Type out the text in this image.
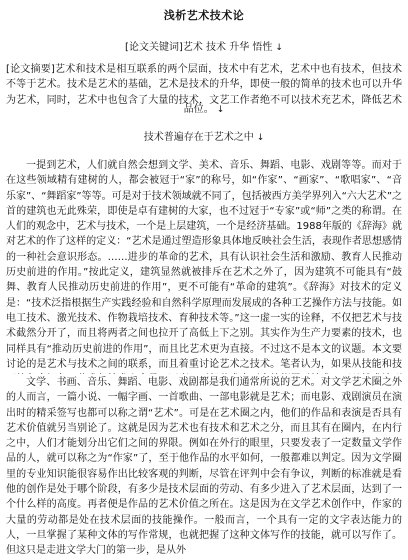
浅析艺术技术论
[论文关键词]艺术 技术 升华 悟性 ↓
[论文摘要]艺术和技术是相互联系的两个层面，技术中有艺术，艺术中也有技术，但技术不等于艺术。技术是艺术的基础，艺术是技术的升华，即使一般的简单的技术也可以升华为艺术，同时，艺术中也包含了大量的技术，文艺工作者绝不可以技术充艺术，降低艺术
品位。 ↓
技术普遍存在于艺术之中 ↓
一提到艺术，人们就自然会想到文学、美术、音乐、舞蹈、电影、戏剧等等。而对于在这些领域精有建树的人，都会被冠于“家”的称号，如“作家”、“画家”、“歌唱家”、“音乐家”、“舞蹈家”等等。可是对于技术领域就不同了，包括被西方美学界列入“六大艺术”之首的建筑也无此殊荣，即使是卓有建树的大家，也不过冠于“专家”或“师”之类的称谓。在人们的观念中，艺术与技术，一个是上层建筑，一个是经济基础。1988年版的《辞海》就对艺术的作了这样的定义：“艺术是通过塑造形象具体地反映社会生活，表现作者思想感情的一种社会意识形态。……进步的革命的艺术，具有认识社会生活和激励、教育人民推动历史前进的作用。”按此定义，建筑显然就被排斥在艺术之外了，因为建筑不可能具有“鼓舞、教育人民推动历史前进的作用”，更不可能有“革命的建筑”。《辞海》对技术的定义是：“技术泛指根据生产实践经验和自然科学原理而发展成的各种工艺操作方法与技能。如电工技术、激光技术、作物栽培技术、育种技术等。”这一虚一实的诠释，不仅把艺术与技术截然分开了，而且将两者之间也拉开了高低上下之别。其实作为生产力要素的技术，也同样具有“推动历史前进的作用”，而且比艺术更为直接。不过这不是本文的议题。本文要讨论的是艺术与技术之间的联系，而且着重讨论艺术之技术。笔者认为，如果从技能和技
文学、书画、音乐、舞蹈、电影、戏剧都是我们通常所说的艺术。对文学艺术圈之外的人而言，一篇小说、一幅字画、一首歌曲、一部电影就是艺术；而电影、戏剧演员在演出时的精采签写也都可以称之谓“艺术”。可是在艺术圈之内，他们的作品和表演是否具有艺术价值就另当别论了。这就是因为艺术也有技术和艺术之分，而且其有在圈内，在内行之中，人们才能划分出它们之间的界限。例如在外行的眼里，只要发表了一定数量文学作品的人，就可以称之为“作家”了，至于他作品的水平如何，一般都难以判定。因为文学圈里的专业知识能很容易作出比较客观的判断，尽管在评判中会有争议，判断的标准就是看他的创作是处于哪个阶段，有多少是技术层面的劳动、有多少进入了艺术层面，达到了一个什么样的高度。再者便是作品的艺术价值之所在。这是因为在文学艺术创作中，作家的大量的劳动都是处在技术层面的技能操作。一般而言，一个具有一定的文字表达能力的人，一旦掌握了某种文体的写作常规，也就把握了这种文体写作的技能，就可以写作了。但这只是走进文学大门的第一步，是从外
